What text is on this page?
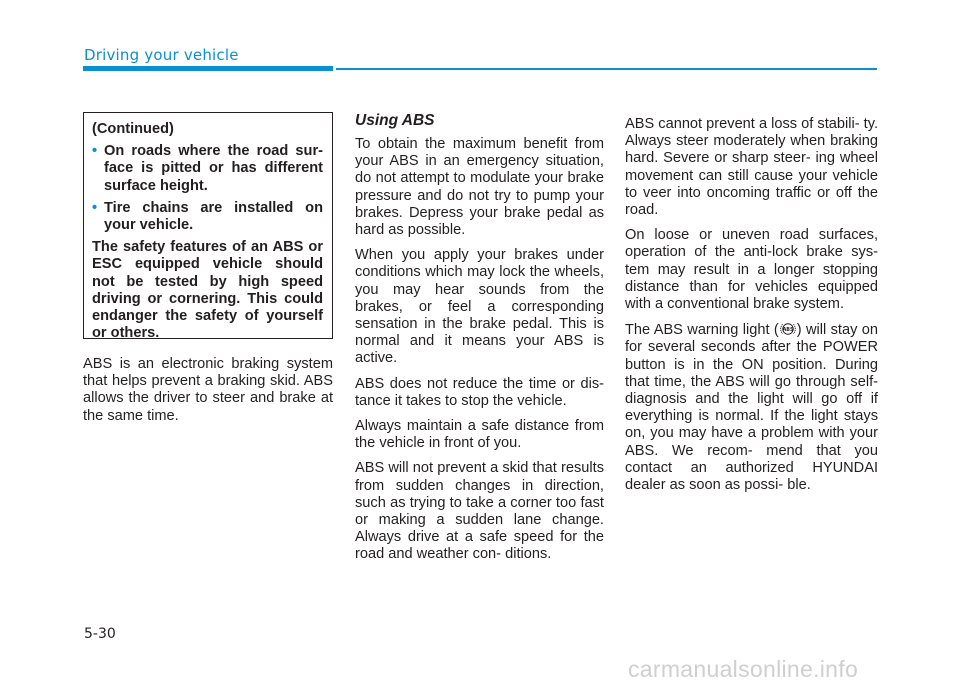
Driving your vehicle

(Continued)

• On roads where the road sur- face is pitted or has different surface height.
• Tire chains are installed on your vehicle.

The safety features of an ABS or ESC equipped vehicle should not be tested by high speed driving or cornering. This could endanger the safety of yourself or others.

ABS is an electronic braking system that helps prevent a braking skid. ABS allows the driver to steer and brake at the same time.

Using ABS

To obtain the maximum benefit from your ABS in an emergency situation, do not attempt to modulate your brake pressure and do not try to pump your brakes. Depress your brake pedal as hard as possible.

When you apply your brakes under conditions which may lock the wheels, you may hear sounds from the brakes, or feel a corresponding sensation in the brake pedal. This is normal and it means your ABS is active.

ABS does not reduce the time or dis- tance it takes to stop the vehicle.

Always maintain a safe distance from the vehicle in front of you.

ABS will not prevent a skid that results from sudden changes in direction, such as trying to take a corner too fast or making a sudden lane change. Always drive at a safe speed for the road and weather con- ditions.

ABS cannot prevent a loss of stabili- ty. Always steer moderately when braking hard. Severe or sharp steer- ing wheel movement can still cause your vehicle to veer into oncoming traffic or off the road.

On loose or uneven road surfaces, operation of the anti-lock brake sys- tem may result in a longer stopping distance than for vehicles equipped with a conventional brake system.

The ABS warning light ( ABS ) will stay on for several seconds after the POWER button is in the ON position. During that time, the ABS will go through self-diagnosis and the light will go off if everything is normal. If the light stays on, you may have a problem with your ABS. We recom- mend that you contact an authorized HYUNDAI dealer as soon as possi- ble.

5-30
carmanualsonline.info
